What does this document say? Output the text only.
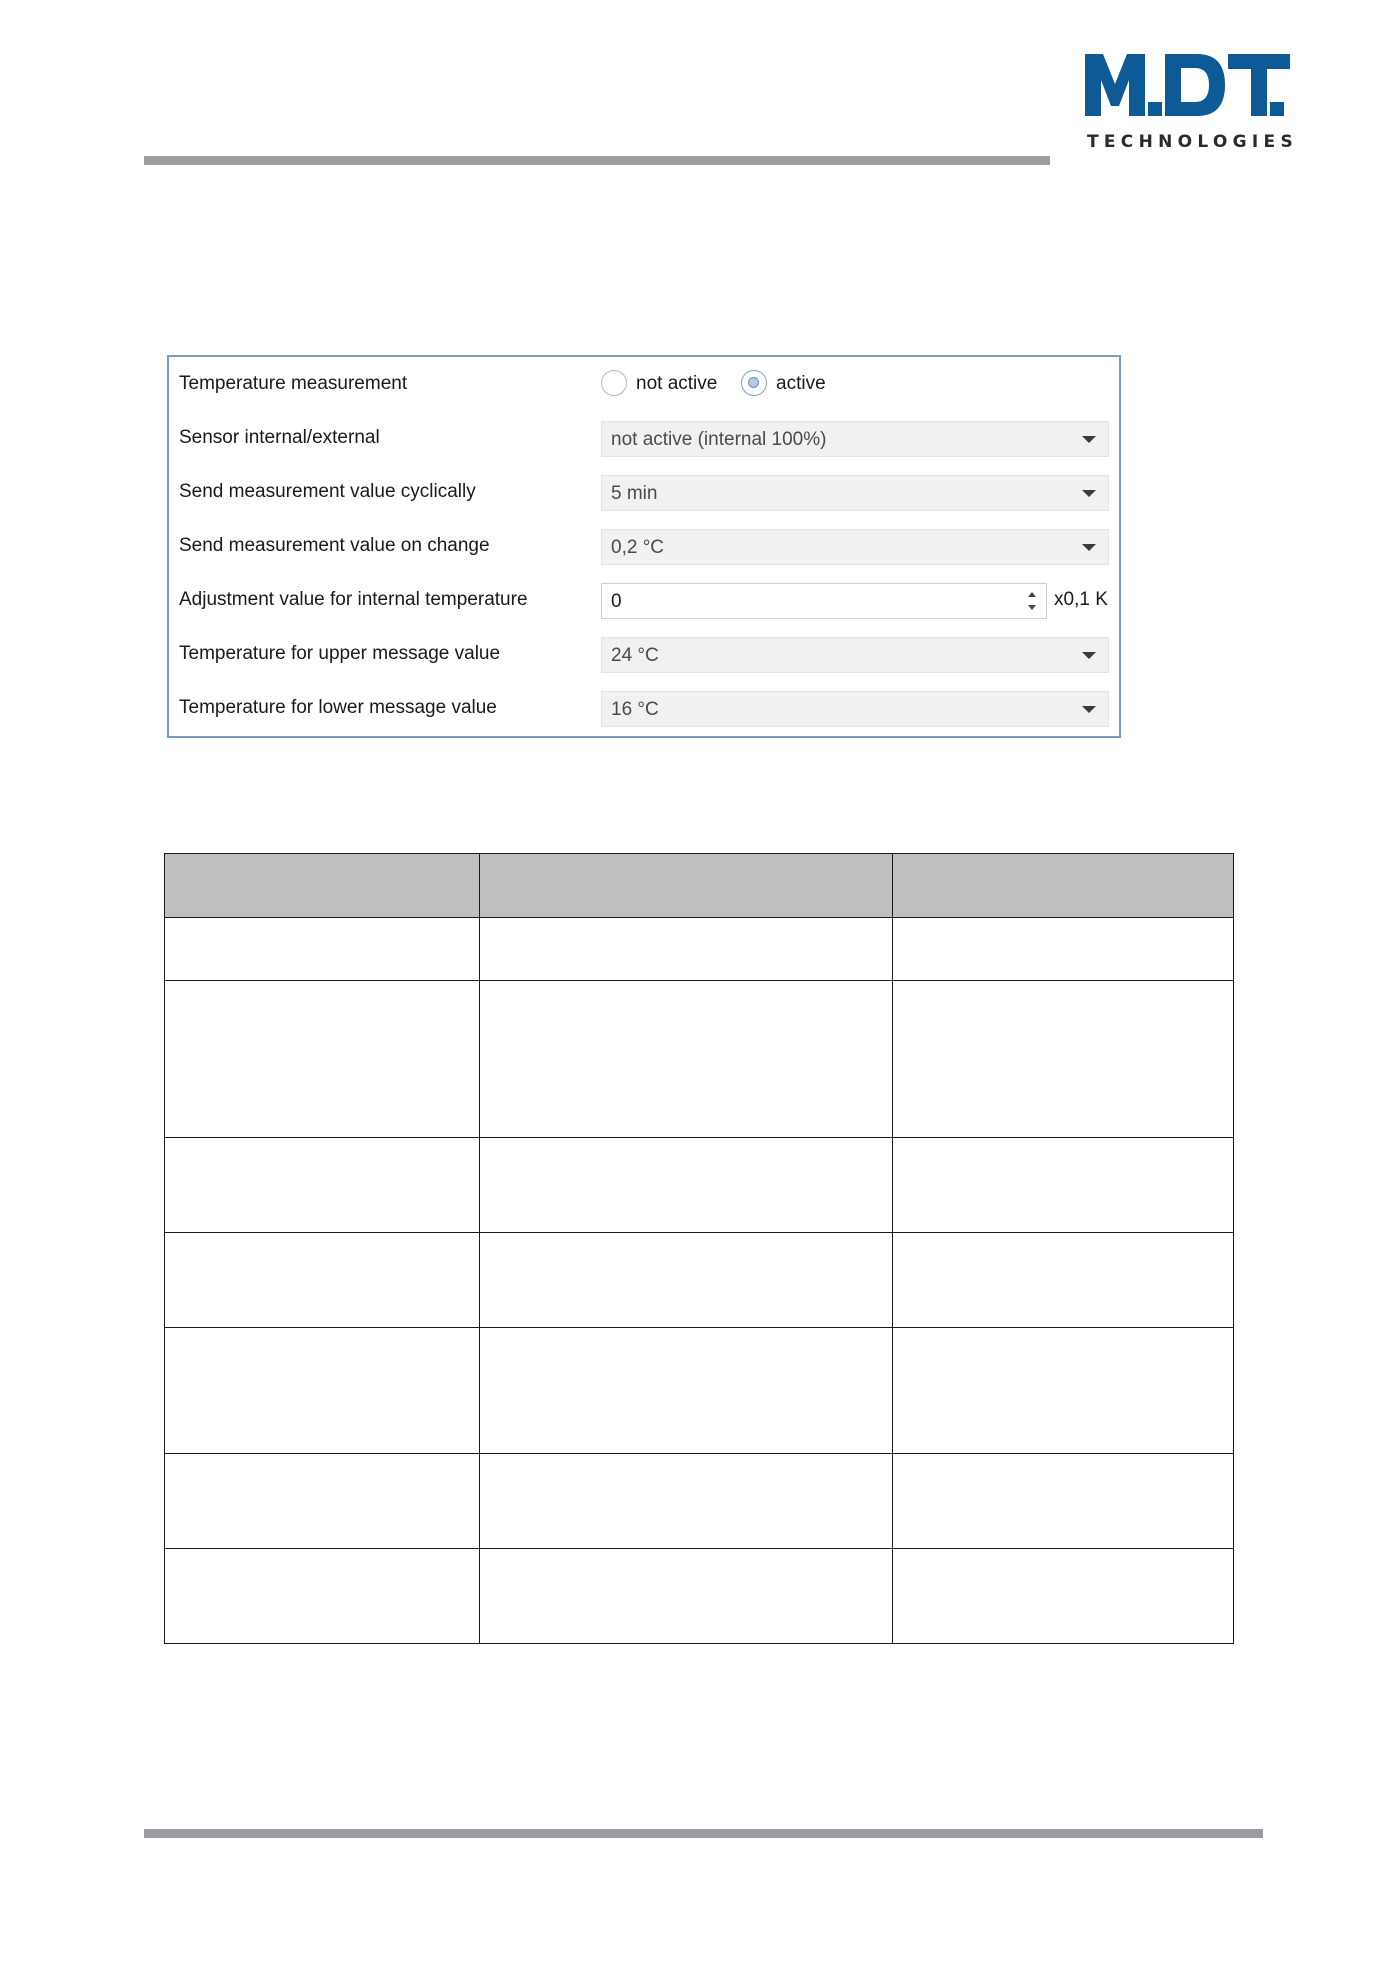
TECHNOLOGIES
Temperature measurement	not active	active
Sensor internal/external	not active (internal 100%)
Send measurement value cyclically	5 min
Send measurement value on change	0,2 °C
Adjustment value for internal temperature	0	x0,1 K
Temperature for upper message value	24 °C
Temperature for lower message value	16 °C
